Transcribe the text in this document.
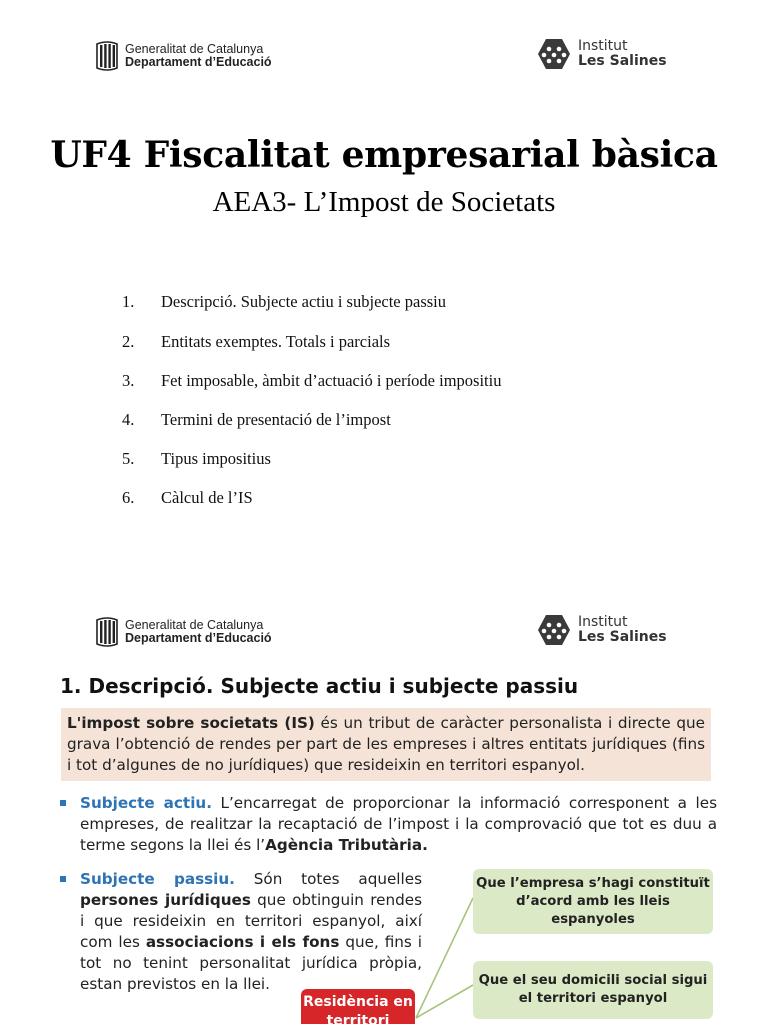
Generalitat de Catalunya
Departament d’Educació
Institut
Les Salines
UF4 Fiscalitat empresarial bàsica
AEA3- L’Impost de Societats
1. Descripció. Subjecte actiu i subjecte passiu
2. Entitats exemptes. Totals i parcials
3. Fet imposable, àmbit d’actuació i període impositiu
4. Termini de presentació de l’impost
5. Tipus impositius
6. Càlcul de l’IS
Generalitat de Catalunya
Departament d’Educació
Institut
Les Salines
1. Descripció. Subjecte actiu i subjecte passiu
L'impost sobre societats (IS) és un tribut de caràcter personalista i directe que grava l’obtenció de rendes per part de les empreses i altres entitats jurídiques (fins i tot d’algunes de no jurídiques) que resideixin en territori espanyol.
Subjecte actiu. L’encarregat de proporcionar la informació corresponent a les empreses, de realitzar la recaptació de l’impost i la comprovació que tot es duu a terme segons la llei és l’Agència Tributària.
Subjecte passiu. Són totes aquelles persones jurídiques que obtinguin rendes i que resideixin en territori espanyol, així com les associacions i els fons que, fins i tot no tenint personalitat jurídica pròpia, estan previstos en la llei.
Que l’empresa s’hagi constituït d’acord amb les lleis espanyoles
Que el seu domicili social sigui el territori espanyol
Residència en territori
